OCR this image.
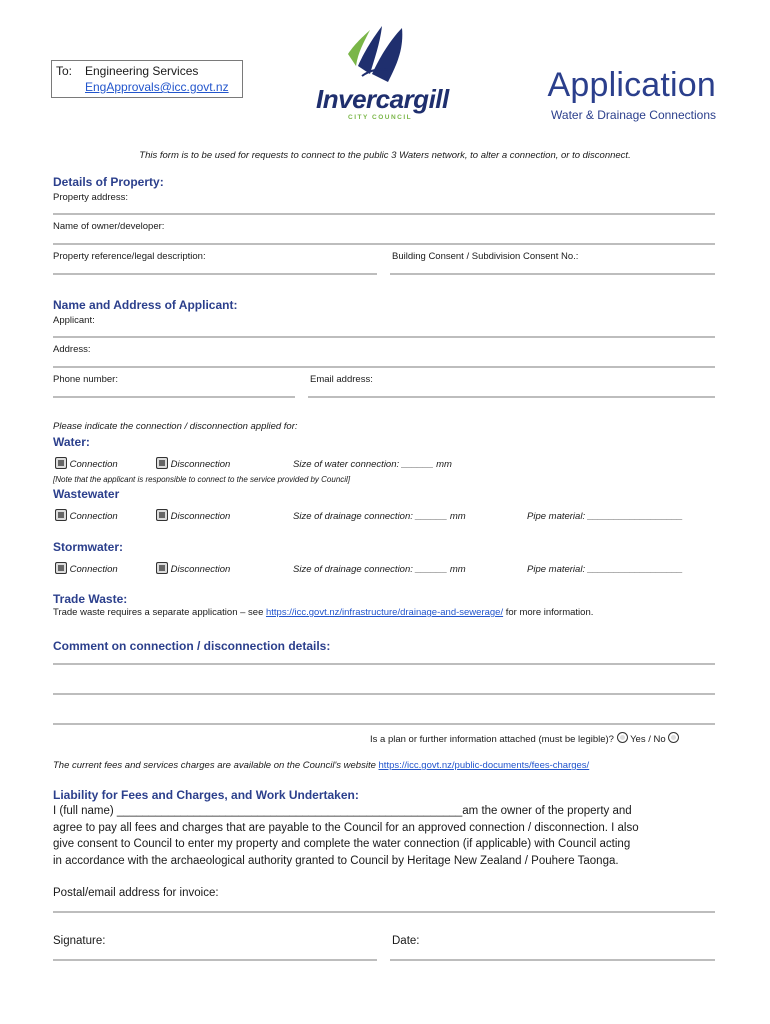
To: Engineering Services
EngApprovals@icc.govt.nz	Invercargill
CITY COUNCIL
Application
Water & Drainage Connections
This form is to be used for requests to connect to the public 3 Waters network, to alter a connection, or to disconnect.
Details of Property:
Property address:
Name of owner/developer:
Property reference/legal description:	Building Consent / Subdivision Consent No.:
Name and Address of Applicant:
Applicant:
Address:
Phone number:	Email address:
Please indicate the connection / disconnection applied for:
Water:
Connection	Disconnection	Size of water connection: ______ mm
[Note that the applicant is responsible to connect to the service provided by Council]
Wastewater
Connection	Disconnection	Size of drainage connection: ______ mm	Pipe material: __________________
Stormwater:
Connection	Disconnection	Size of drainage connection: ______ mm	Pipe material: __________________
Trade Waste:
Trade waste requires a separate application – see https://icc.govt.nz/infrastructure/drainage-and-sewerage/ for more information.
Comment on connection / disconnection details:
Is a plan or further information attached (must be legible)? Yes / No
The current fees and services charges are available on the Council's website https://icc.govt.nz/public-documents/fees-charges/
Liability for Fees and Charges, and Work Undertaken:
I (full name) ______________________________________________________am the owner of the property and
agree to pay all fees and charges that are payable to the Council for an approved connection / disconnection. I also
give consent to Council to enter my property and complete the water connection (if applicable) with Council acting
in accordance with the archaeological authority granted to Council by Heritage New Zealand / Pouhere Taonga.
Postal/email address for invoice:
Signature:	Date:
